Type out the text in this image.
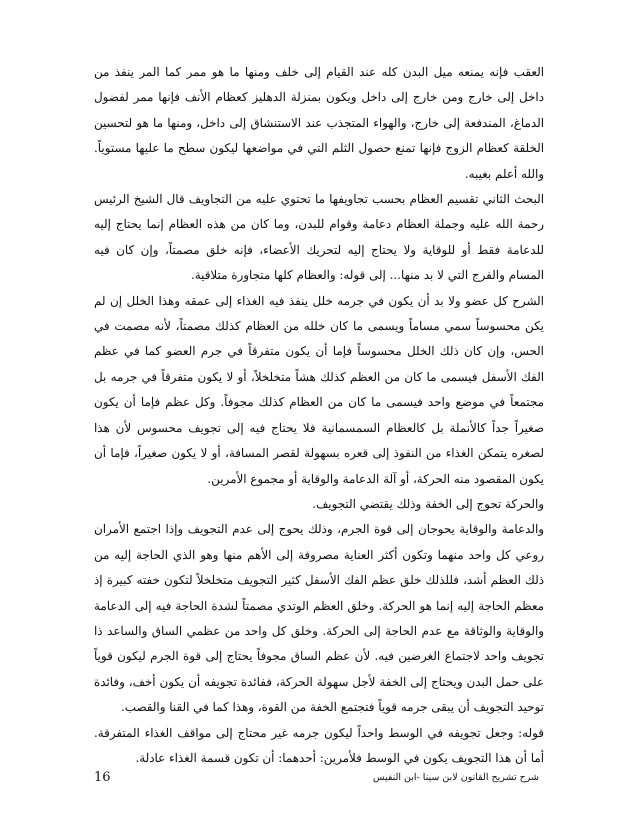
العقب فإنه يمنعه ميل البدن كله عند القيام إلى خلف ومنها ما هو ممر كما المر ينفذ من داخل إلى خارج ومن خارج إلى داخل ويكون بمنزلة الدهليز كعظام الأنف فإنها ممر لفضول الدماغ، المندفعة إلى خارج، والهواء المتجذب عند الاستنشاق إلى داخل، ومنها ما هو لتحسين الخلقة كعظام الزوج فإنها تمنع حصول الثلم التي في مواضعها ليكون سطح ما عليها مستوياً. والله أعلم بغيبه.

البحث الثاني تقسيم العظام بحسب تجاويفها ما تحتوي عليه من التجاويف قال الشيخ الرئيس رحمة الله عليه وجملة العظام دعامة وقوام للبدن، وما كان من هذه العظام إنما يحتاج إليه للدعامة فقط أو للوقاية ولا يحتاج إليه لتحريك الأعضاء، فإنه خلق مصمتاً، وإن كان فيه المسام والفرج التي لا بد منها... إلى قوله: والعظام كلها متجاورة متلاقية.

الشرح كل عضو ولا بد أن يكون في جرمه خلل ينفذ فيه الغذاء إلى عمقه وهذا الخلل إن لم يكن محسوساً سمي مساماً ويسمى ما كان خلله من العظام كذلك مصمتاً، لأنه مصمت في الحس، وإن كان ذلك الخلل محسوساً فإما أن يكون متفرقاً في جرم العضو كما في عظم الفك الأسفل فيسمى ما كان من العظم كذلك هشاً متخلخلاً، أو لا يكون متفرقاً في جرمه بل مجتمعاً في موضع واحد فيسمى ما كان من العظام كذلك مجوفاً. وكل عظم فإما أن يكون صغيراً جداً كالأنملة بل كالعظام السمسمانية فلا يحتاج فيه إلى تجويف محسوس لأن هذا لصغره يتمكن الغذاء من النفوذ إلى قعره بسهولة لقصر المسافة، أو لا يكون صغيراً، فإما أن يكون المقصود منه الحركة، أو آلة الدعامة والوقاية أو مجموع الأمرين.

والحركة تحوج إلى الخفة وذلك يقتضي التجويف.

والدعامة والوقاية يحوجان إلى قوة الجرم، وذلك يحوج إلى عدم التجويف وإذا اجتمع الأمران روعي كل واحد منهما وتكون أكثر العناية مصروفة إلى الأهم منها وهو الذي الحاجة إليه من ذلك العظم أشد، فللذلك خلق عظم الفك الأسفل كثير التجويف متخلخلاً لتكون خفته كبيرة إذ معظم الحاجة إليه إنما هو الحركة. وخلق العظم الوتدي مصمتاً لشدة الحاجة فيه إلى الدعامة والوقاية والوثاقة مع عدم الحاجة إلى الحركة. وخلق كل واحد من عظمي الساق والساعد ذا تجويف واحد لاجتماع الغرضين فيه. لأن عظم الساق مجوفاً يحتاج إلى قوة الجرم ليكون قوياً على حمل البدن ويحتاج إلى الخفة لأجل سهولة الحركة، ففائدة تجويفه أن يكون أخف، وفائدة توحيد التجويف أن يبقى جرمه قوياً فتجتمع الخفة من القوة، وهذا كما في القنا والقصب.

قوله: وجعل تجويفه في الوسط واحداً ليكون جرمه غير محتاج إلى مواقف الغذاء المتفرقة. أما أن هذا التجويف يكون في الوسط فلأمرين: أحدهما: أن تكون قسمة الغذاء عادلة.

شرح تشريح القانون لابن سينا -ابن النفيس
16
